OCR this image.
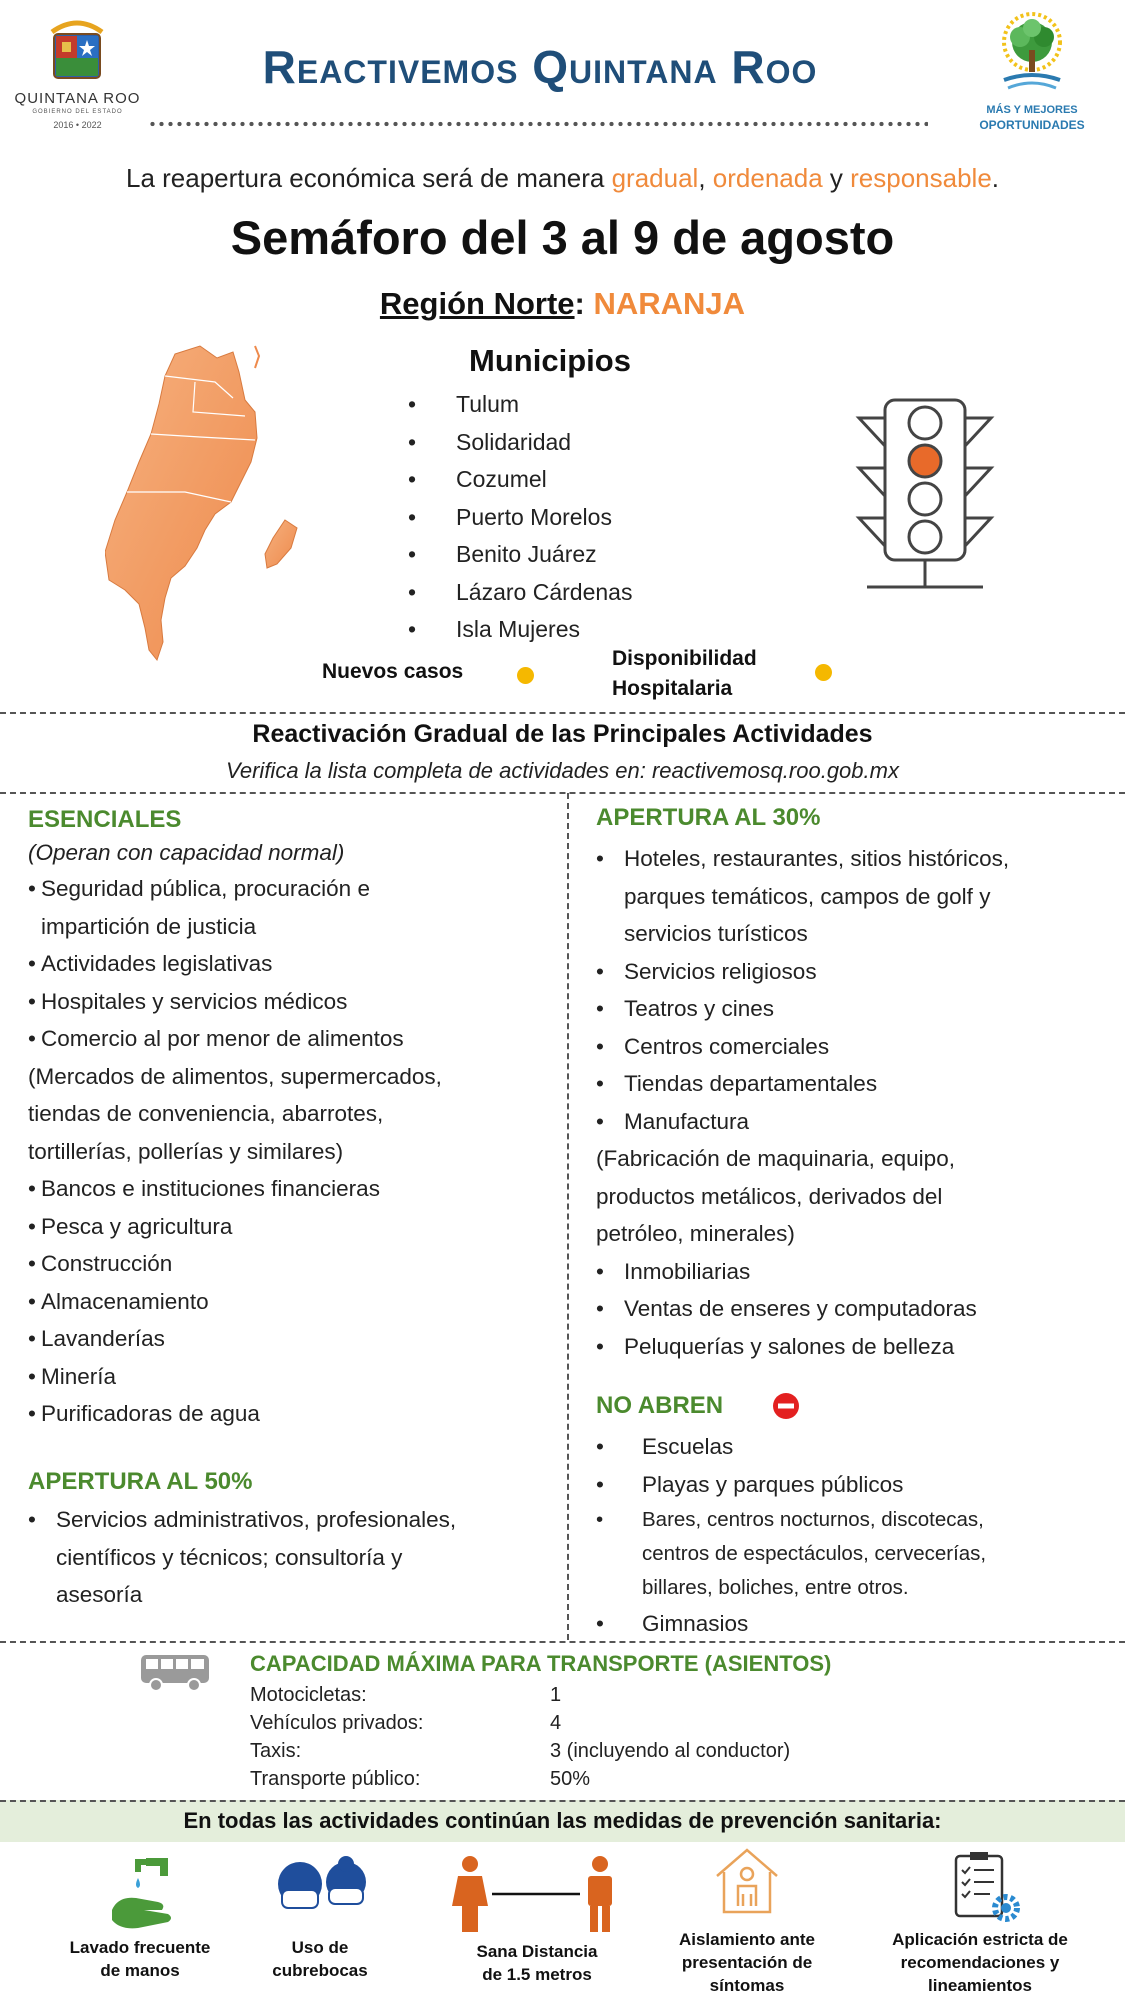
QUINTANA ROO
GOBIERNO DEL ESTADO
2016 • 2022
Reactivemos Quintana Roo
MÁS Y MEJORES
OPORTUNIDADES
La reapertura económica será de manera gradual, ordenada y responsable.
Semáforo del 3 al 9 de agosto
Región Norte: NARANJA
Municipios
• Tulum
• Solidaridad
• Cozumel
• Puerto Morelos
• Benito Juárez
• Lázaro Cárdenas
• Isla Mujeres
Nuevos casos
Disponibilidad
Hospitalaria
Reactivación Gradual de las Principales Actividades
Verifica la lista completa de actividades en: reactivemosq.roo.gob.mx
ESENCIALES
(Operan con capacidad normal)
• Seguridad pública, procuración e
impartición de justicia
• Actividades legislativas
• Hospitales y servicios médicos
• Comercio al por menor de alimentos
(Mercados de alimentos, supermercados,
tiendas de conveniencia, abarrotes,
tortillerías, pollerías y similares)
• Bancos e instituciones financieras
• Pesca y agricultura
• Construcción
• Almacenamiento
• Lavanderías
• Minería
• Purificadoras de agua
APERTURA AL 50%
• Servicios administrativos, profesionales,
científicos y técnicos; consultoría y
asesoría
APERTURA AL 30%
• Hoteles, restaurantes, sitios históricos,
parques temáticos, campos de golf y
servicios turísticos
• Servicios religiosos
• Teatros y cines
• Centros comerciales
• Tiendas departamentales
• Manufactura
(Fabricación de maquinaria, equipo,
productos metálicos, derivados del
petróleo, minerales)
• Inmobiliarias
• Ventas de enseres y computadoras
• Peluquerías y salones de belleza
NO ABREN
• Escuelas
• Playas y parques públicos
• Bares, centros nocturnos, discotecas,
centros de espectáculos, cervecerías,
billares, boliches, entre otros.
• Gimnasios
CAPACIDAD MÁXIMA PARA TRANSPORTE (ASIENTOS)
Motocicletas:	1
Vehículos privados:	4
Taxis:	3 (incluyendo al conductor)
Transporte público:	50%
En todas las actividades continúan las medidas de prevención sanitaria:
Lavado frecuente
de manos
Uso de
cubrebocas
Sana Distancia
de 1.5 metros
Aislamiento ante
presentación de
síntomas
Aplicación estricta de
recomendaciones y
lineamientos
